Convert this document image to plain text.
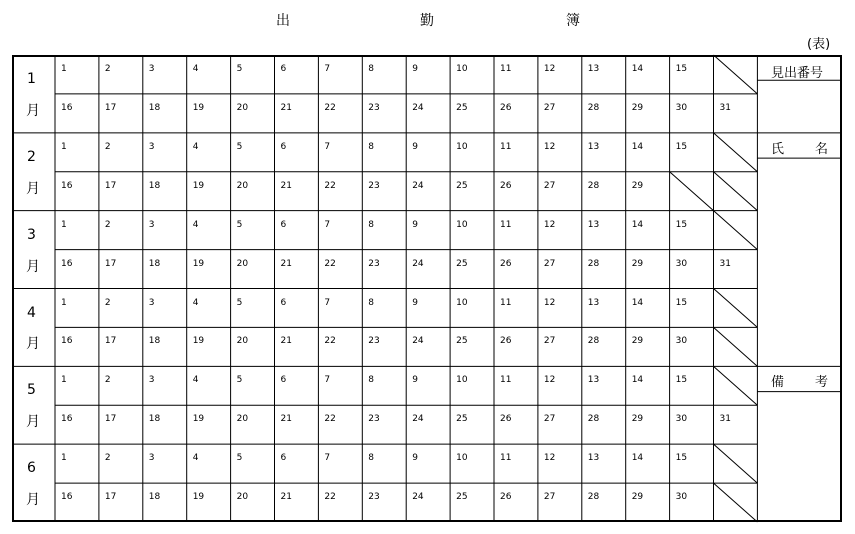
出	勤	簿
(表)
1
月
1	2	3	4	5	6	7	8	9	10	11	12	13	14	15
16	17	18	19	20	21	22	23	24	25	26	27	28	29	30	31
2
月
1	2	3	4	5	6	7	8	9	10	11	12	13	14	15
16	17	18	19	20	21	22	23	24	25	26	27	28	29
3
月
1	2	3	4	5	6	7	8	9	10	11	12	13	14	15
16	17	18	19	20	21	22	23	24	25	26	27	28	29	30	31
4
月
1	2	3	4	5	6	7	8	9	10	11	12	13	14	15
16	17	18	19	20	21	22	23	24	25	26	27	28	29	30
5
月
1	2	3	4	5	6	7	8	9	10	11	12	13	14	15
16	17	18	19	20	21	22	23	24	25	26	27	28	29	30	31
6
月
1	2	3	4	5	6	7	8	9	10	11	12	13	14	15
16	17	18	19	20	21	22	23	24	25	26	27	28	29	30
見出番号
氏 名
備 考
